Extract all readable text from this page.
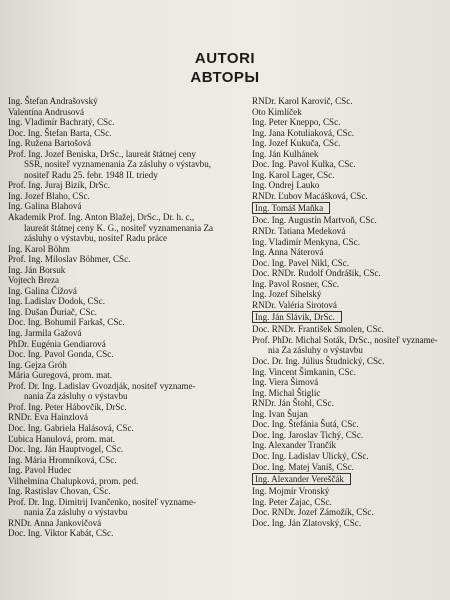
AUTORI
АВТОРЫ
Ing. Štefan Andrašovský
Valentína Andrusová
Ing. Vladimír Bachratý, CSc.
Doc. Ing. Štefan Barta, CSc.
Ing. Ružena Bartošová
Prof. Ing. Jozef Beniska, DrSc., laureát štátnej ceny
SSR, nositeľ vyznamenania Za zásluhy o výstavbu,
nositeľ Radu 25. febr. 1948 II. triedy
Prof. Ing. Juraj Bizík, DrSc.
Ing. Jozef Blaho, CSc.
Ing. Galina Blahová
Akademik Prof. Ing. Anton Blažej, DrSc., Dr. h. c.,
laureát štátnej ceny K. G., nositeľ vyznamenania Za
zásluhy o výstavbu, nositeľ Radu práce
Ing. Karol Böhm
Prof. Ing. Miloslav Böhmer, CSc.
Ing. Ján Borsuk
Vojtech Breza
Ing. Galina Čížová
Ing. Ladislav Dodok, CSc.
Ing. Dušan Ďuriač, CSc.
Doc. Ing. Bohumil Farkaš, CSc.
Ing. Jarmila Gažová
PhDr. Eugénia Gendiarová
Doc. Ing. Pavol Gonda, CSc.
Ing. Gejza Gróh
Mária Guregová, prom. mat.
Prof. Dr. Ing. Ladislav Gvozdják, nositeľ vyzname-
nania Za zásluhy o výstavbu
Prof. Ing. Peter Hábovčík, DrSc.
RNDr. Eva Hainzlová
Doc. Ing. Gabriela Halásová, CSc.
Ľubica Hanulová, prom. mat.
Doc. Ing. Ján Hauptvogel, CSc.
Ing. Mária Hromníková, CSc.
Ing. Pavol Hudec
Vilhelmína Chalupková, prom. ped.
Ing. Rastislav Chovan, CSc.
Prof. Dr. Ing. Dimitrij Ivančenko, nositeľ vyzname-
nania Za zásluhy o výstavbu
RNDr. Anna Jankovičová
Doc. Ing. Viktor Kabát, CSc.
RNDr. Karol Karovič, CSc.
Oto Kimlíček
Ing. Peter Kneppo, CSc.
Ing. Jana Kotuliaková, CSc.
Ing. Jozef Kukuča, CSc.
Ing. Ján Kulhánek
Doc. Ing. Pavol Kulka, CSc.
Ing. Karol Lager, CSc.
Ing. Ondrej Lauko
RNDr. Ľubov Macášková, CSc.
Ing. Tomáš Maňka
Doc. Ing. Augustín Martvoň, CSc.
RNDr. Tatiana Medeková
Ing. Vladimír Menkyna, CSc.
Ing. Anna Náterová
Doc. Ing. Pavel Nikl, CSc.
Doc. RNDr. Rudolf Ondrášik, CSc.
Ing. Pavol Rosner, CSc.
Ing. Jozef Sihelský
RNDr. Valéria Sirotová
Ing. Ján Slávik, DrSc.
Doc. RNDr. František Smolen, CSc.
Prof. PhDr. Michal Soták, DrSc., nositeľ vyzname-
nia Za zásluhy o výstavbu
Doc. Dr. Ing. Július Študnický, CSc.
Ing. Vincent Šimkanin, CSc.
Ing. Viera Šimová
Ing. Michal Štiglic
RNDr. Ján Štohl, CSc.
Ing. Ivan Šujan
Doc. Ing. Štefánia Šutá, CSc.
Doc. Ing. Jaroslav Tichý, CSc.
Ing. Alexander Trančík
Doc. Ing. Ladislav Ulický, CSc.
Doc. Ing. Matej Vaniš, CSc.
Ing. Alexander Vereščák
Ing. Mojmír Vronský
Ing. Peter Zajac, CSc.
Doc. RNDr. Jozef Zámožík, CSc.
Doc. Ing. Ján Zlatovský, CSc.
